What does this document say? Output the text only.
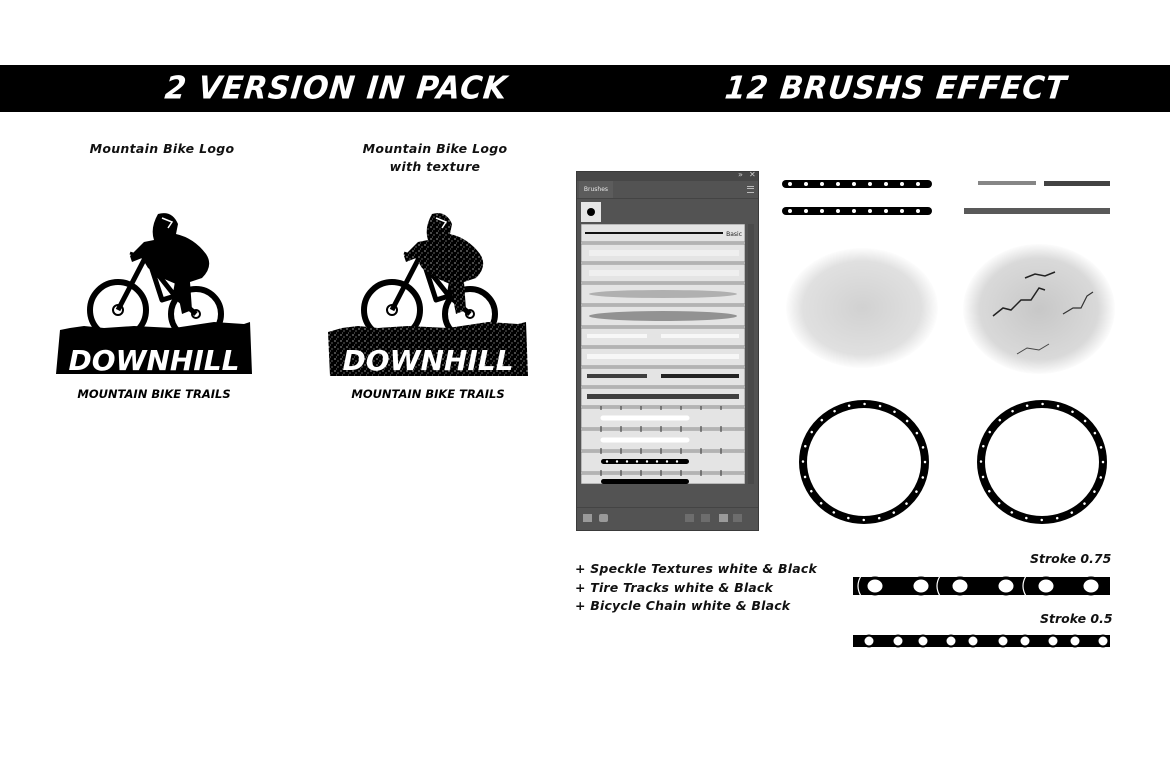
2 VERSION IN PACK	12 BRUSHS EFFECT
Mountain Bike Logo	Mountain Bike Logo
with texture
DOWNHILL
MOUNTAIN BIKE TRAILS
DOWNHILL
MOUNTAIN BIKE TRAILS
» ✕
Brushes
Basic
+ Speckle Textures white & Black
+ Tire Tracks white & Black
+ Bicycle Chain white & Black
Stroke 0.75
Stroke 0.5
